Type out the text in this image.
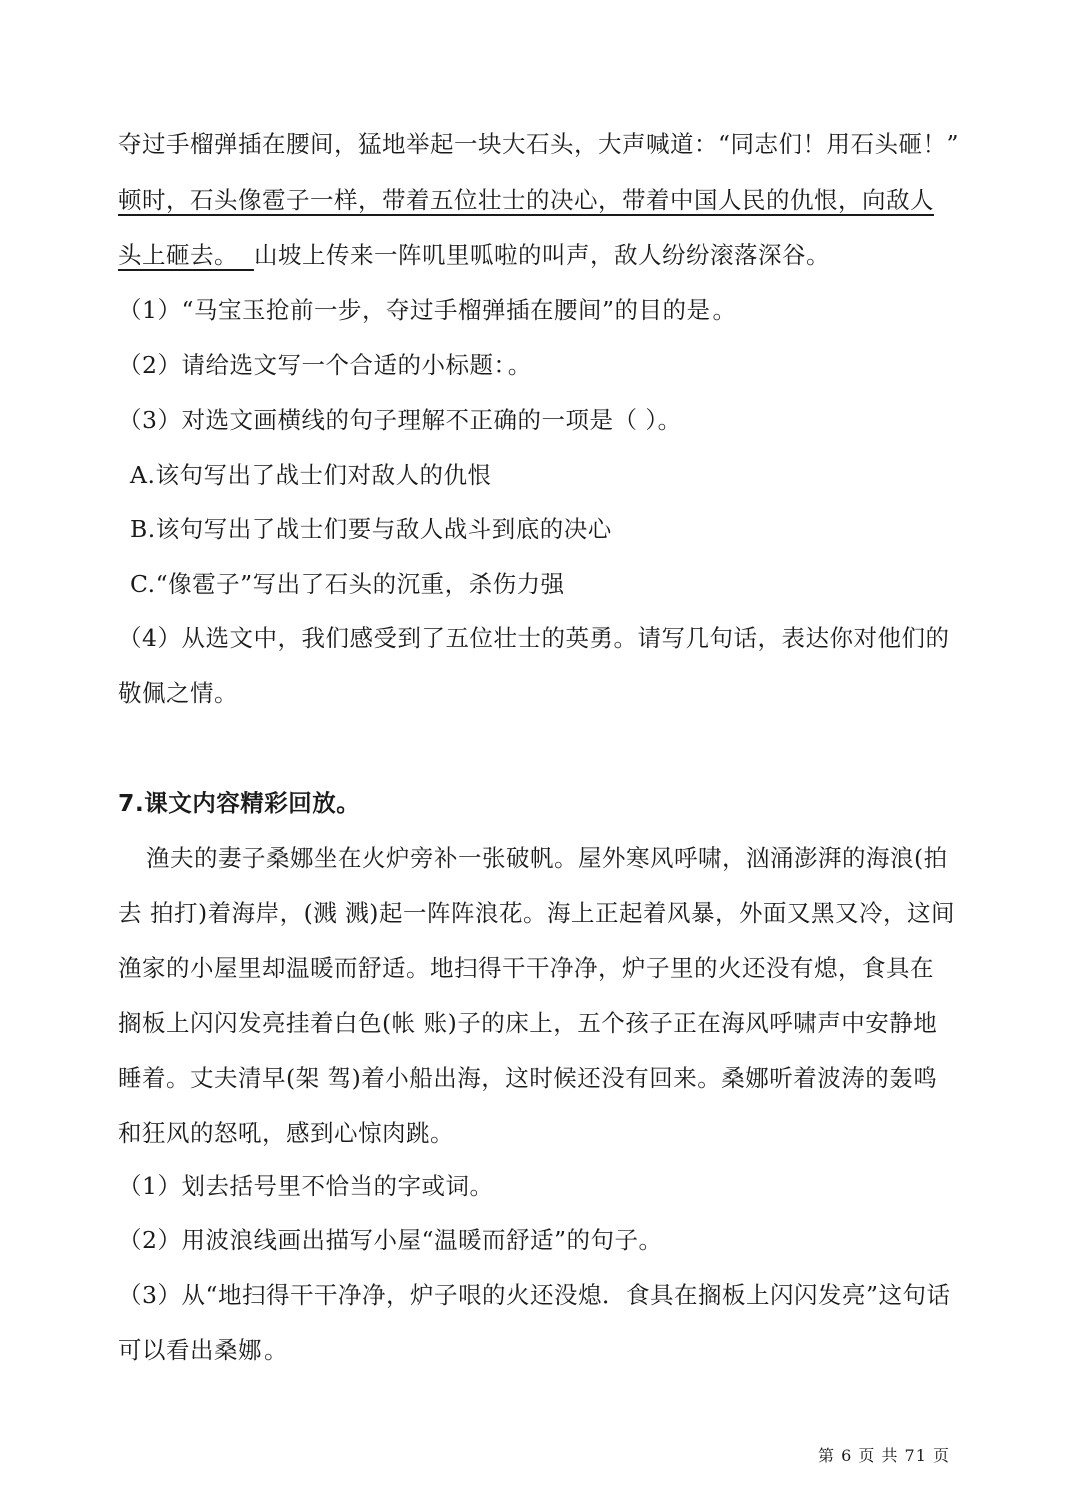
夺过手榴弹插在腰间，猛地举起一块大石头，大声喊道：“同志们！用石头砸！”
顿时，石头像雹子一样，带着五位壮士的决心，带着中国人民的仇恨，向敌人
头上砸去。 山坡上传来一阵叽里呱啦的叫声，敌人纷纷滚落深谷。
（1）“马宝玉抢前一步，夺过手榴弹插在腰间”的目的是。
（2）请给选文写一个合适的小标题：。
（3）对选文画横线的句子理解不正确的一项是（ ）。
A.该句写出了战士们对敌人的仇恨
B.该句写出了战士们要与敌人战斗到底的决心
C.“像雹子”写出了石头的沉重，杀伤力强
（4）从选文中，我们感受到了五位壮士的英勇。请写几句话，表达你对他们的
敬佩之情。
7.课文内容精彩回放。
渔夫的妻子桑娜坐在火炉旁补一张破帆。屋外寒风呼啸，汹涌澎湃的海浪(拍
去 拍打)着海岸，(溅 溅)起一阵阵浪花。海上正起着风暴，外面又黑又冷，这间
渔家的小屋里却温暖而舒适。地扫得干干净净，炉子里的火还没有熄，食具在
搁板上闪闪发亮挂着白色(帐 账)子的床上，五个孩子正在海风呼啸声中安静地
睡着。丈夫清早(架 驾)着小船出海，这时候还没有回来。桑娜听着波涛的轰鸣
和狂风的怒吼，感到心惊肉跳。
（1）划去括号里不恰当的字或词。
（2）用波浪线画出描写小屋“温暖而舒适”的句子。
（3）从“地扫得干干净净，炉子哏的火还没熄．食具在搁板上闪闪发亮”这句话
可以看出桑娜。
第 6 页 共 71 页
